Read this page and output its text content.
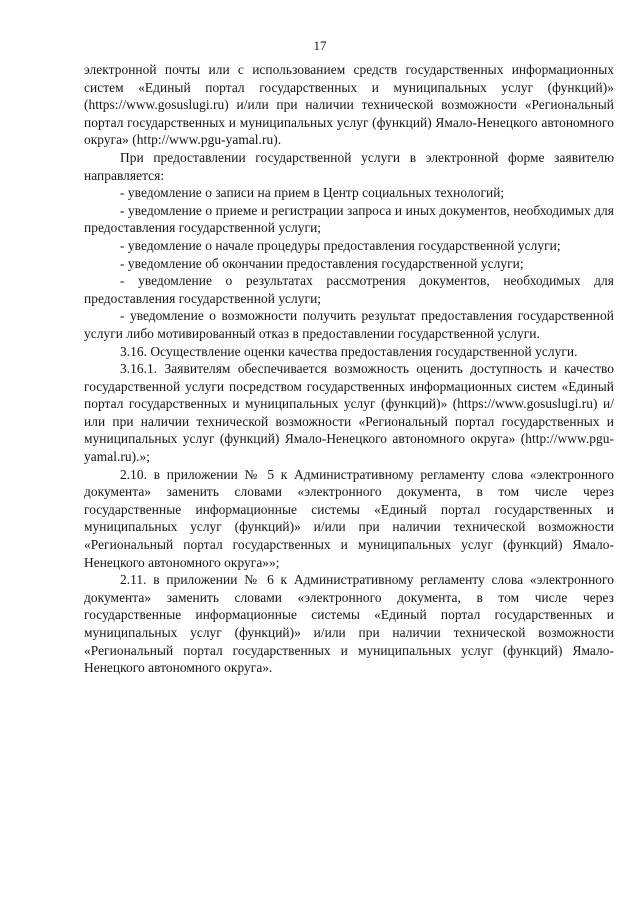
17

электронной почты или с использованием средств государственных информационных систем «Единый портал государственных и муниципальных услуг (функций)» (https://www.gosuslugi.ru) и/или при наличии технической возможности «Региональный портал государственных и муниципальных услуг (функций) Ямало-Ненецкого автономного округа» (http://www.pgu-yamal.ru).

При предоставлении государственной услуги в электронной форме заявителю направляется:

- уведомление о записи на прием в Центр социальных технологий;

- уведомление о приеме и регистрации запроса и иных документов, необходимых для предоставления государственной услуги;

- уведомление о начале процедуры предоставления государственной услуги;

- уведомление об окончании предоставления государственной услуги;

- уведомление о результатах рассмотрения документов, необходимых для предоставления государственной услуги;

- уведомление о возможности получить результат предоставления государственной услуги либо мотивированный отказ в предоставлении государственной услуги.

3.16. Осуществление оценки качества предоставления государственной услуги.

3.16.1. Заявителям обеспечивается возможность оценить доступность и качество государственной услуги посредством государственных информационных систем «Единый портал государственных и муниципальных услуг (функций)» (https://www.gosuslugi.ru) и/или при наличии технической возможности «Региональный портал государственных и муниципальных услуг (функций) Ямало-Ненецкого автономного округа» (http://www.pgu-yamal.ru).»;

2.10. в приложении № 5 к Административному регламенту слова «электронного документа» заменить словами «электронного документа, в том числе через государственные информационные системы «Единый портал государственных и муниципальных услуг (функций)» и/или при наличии технической возможности «Региональный портал государственных и муниципальных услуг (функций) Ямало-Ненецкого автономного округа»»;

2.11. в приложении № 6 к Административному регламенту слова «электронного документа» заменить словами «электронного документа, в том числе через государственные информационные системы «Единый портал государственных и муниципальных услуг (функций)» и/или при наличии технической возможности «Региональный портал государственных и муниципальных услуг (функций) Ямало-Ненецкого автономного округа».
